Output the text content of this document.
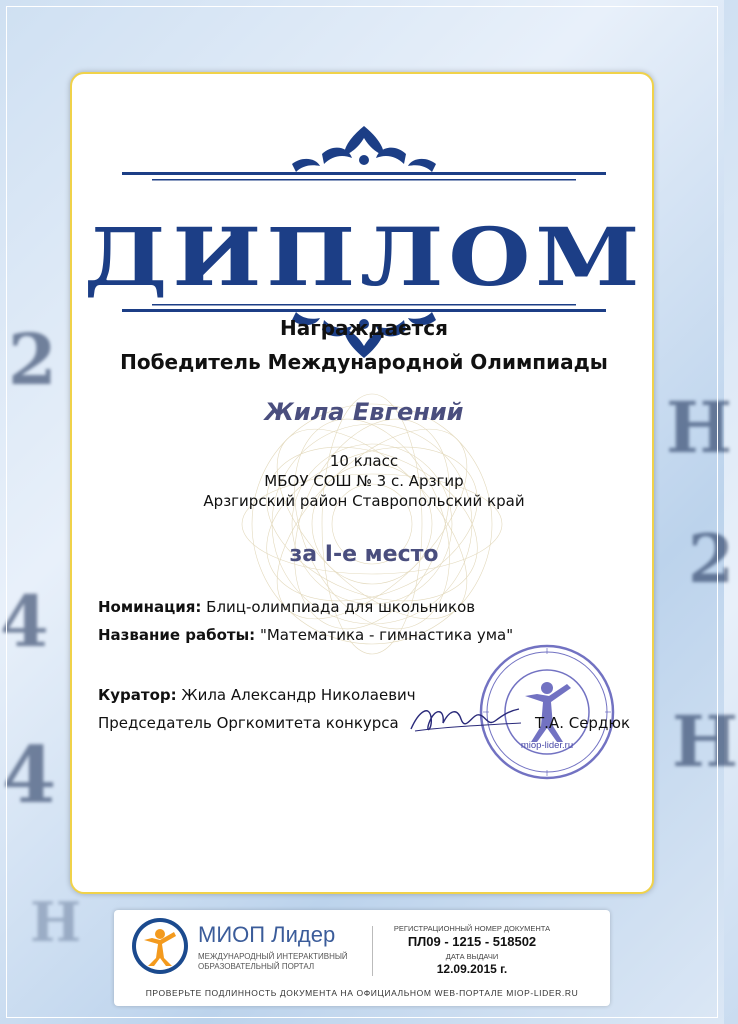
2
4
4
Н
2
Н
Н
ДИПЛОМ
Награждается
Победитель Международной Олимпиады
Жила Евгений
10 класс
МБОУ СОШ № 3 с. Арзгир
Арзгирский район Ставропольский край
за I-е место
Номинация: Блиц-олимпиада для школьников
Название работы: "Математика - гимнастика ума"
Куратор: Жила Александр Николаевич
Председатель Оргкомитета конкурса
miop-lider.ru
Т.А. Сердюк
МИОП Лидер
МЕЖДУНАРОДНЫЙ ИНТЕРАКТИВНЫЙ ОБРАЗОВАТЕЛЬНЫЙ ПОРТАЛ
РЕГИСТРАЦИОННЫЙ НОМЕР ДОКУМЕНТА
ПЛ09 - 1215 - 518502
ДАТА ВЫДАЧИ
12.09.2015 г.
ПРОВЕРЬТЕ ПОДЛИННОСТЬ ДОКУМЕНТА НА ОФИЦИАЛЬНОМ WEB-ПОРТАЛЕ MIOP-LIDER.RU
